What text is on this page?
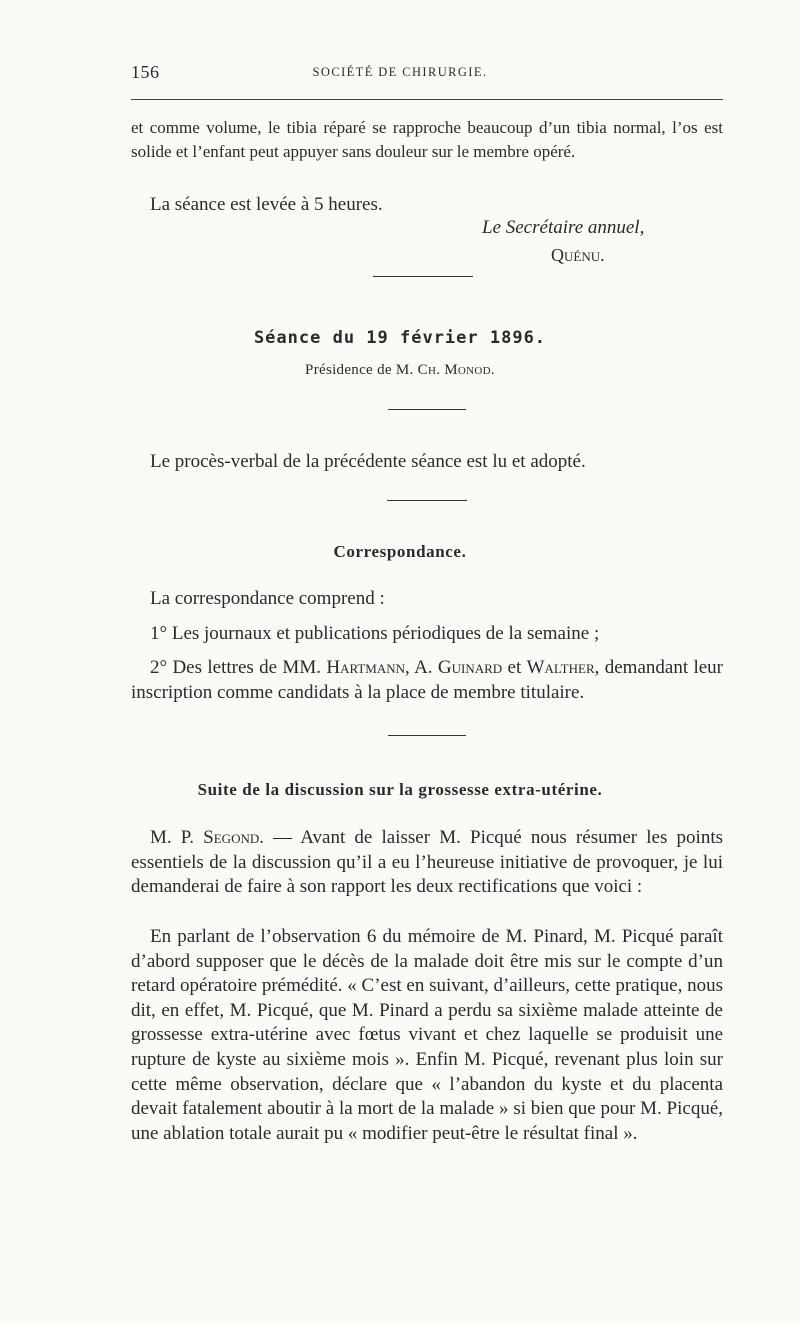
156	SOCIÉTÉ DE CHIRURGIE.

et comme volume, le tibia réparé se rapproche beaucoup d’un tibia normal, l’os est solide et l’enfant peut appuyer sans douleur sur le membre opéré.

La séance est levée à 5 heures.
Le Secrétaire annuel,
Quénu.
Séance du 19 février 1896.
Présidence de M. Ch. Monod.
Le procès-verbal de la précédente séance est lu et adopté.
Correspondance.
La correspondance comprend :
1° Les journaux et publications périodiques de la semaine ;

2° Des lettres de MM. Hartmann, A. Guinard et Walther, demandant leur inscription comme candidats à la place de membre titulaire.

Suite de la discussion sur la grossesse extra-utérine.

M. P. Segond. — Avant de laisser M. Picqué nous résumer les points essentiels de la discussion qu’il a eu l’heureuse initiative de provoquer, je lui demanderai de faire à son rapport les deux rectifications que voici :

En parlant de l’observation 6 du mémoire de M. Pinard, M. Picqué paraît d’abord supposer que le décès de la malade doit être mis sur le compte d’un retard opératoire prémédité. « C’est en suivant, d’ailleurs, cette pratique, nous dit, en effet, M. Picqué, que M. Pinard a perdu sa sixième malade atteinte de grossesse extra-utérine avec fœtus vivant et chez laquelle se produisit une rupture de kyste au sixième mois ». Enfin M. Picqué, revenant plus loin sur cette même observation, déclare que « l’abandon du kyste et du placenta devait fatalement aboutir à la mort de la malade » si bien que pour M. Picqué, une ablation totale aurait pu « modifier peut-être le résultat final ».
